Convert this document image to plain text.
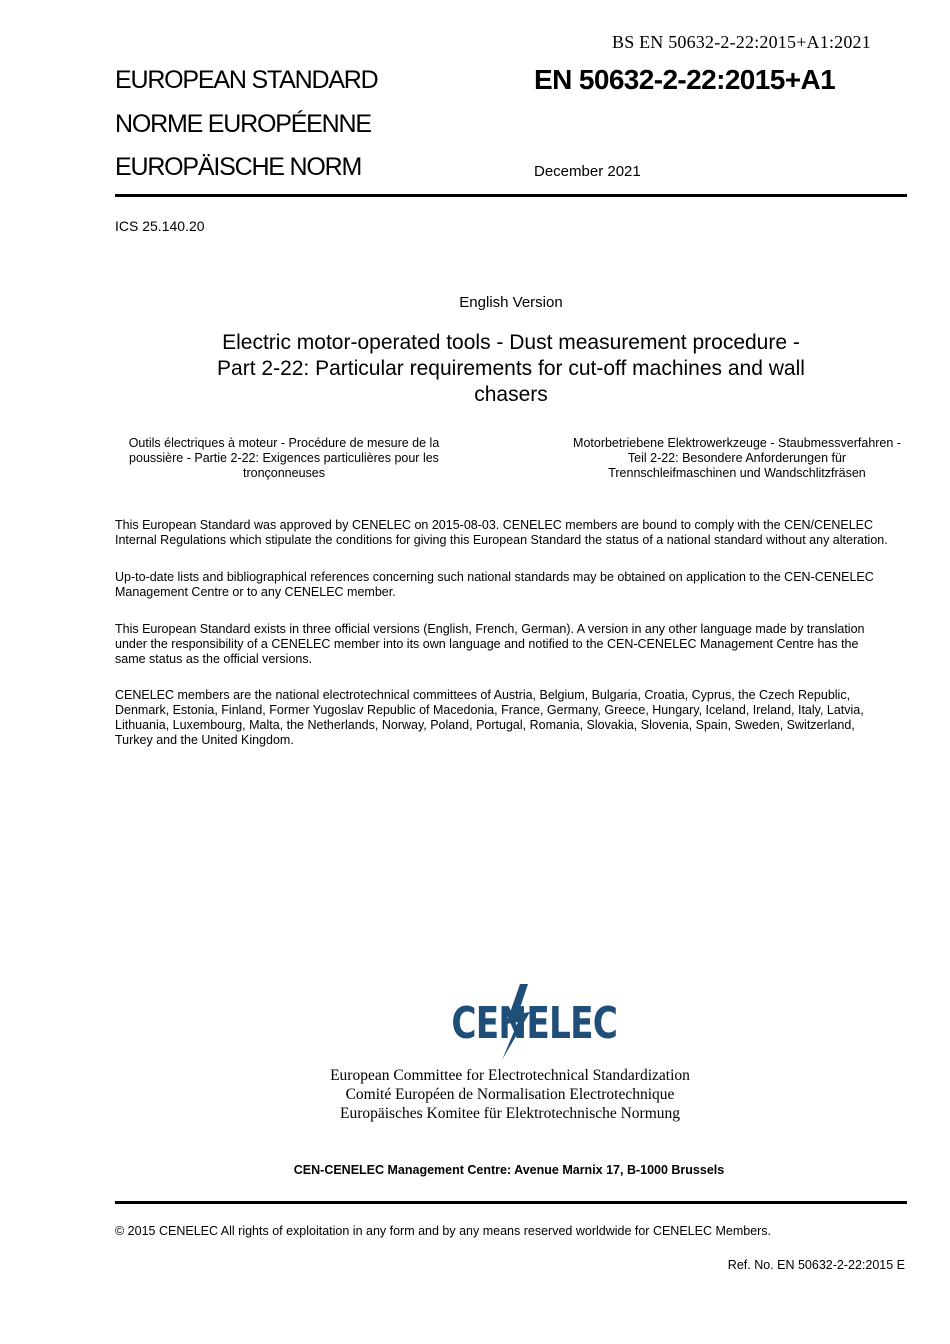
BS EN 50632-2-22:2015+A1:2021
EUROPEAN STANDARD
NORME EUROPÉENNE
EUROPÄISCHE NORM
EN 50632-2-22:2015+A1
December 2021
ICS 25.140.20
English Version
Electric motor-operated tools - Dust measurement procedure -
Part 2-22: Particular requirements for cut-off machines and wall
chasers
Outils électriques à moteur - Procédure de mesure de la
poussière - Partie 2-22: Exigences particulières pour les
tronçonneuses
Motorbetriebene Elektrowerkzeuge - Staubmessverfahren -
Teil 2-22: Besondere Anforderungen für
Trennschleifmaschinen und Wandschlitzfräsen
This European Standard was approved by CENELEC on 2015-08-03. CENELEC members are bound to comply with the CEN/CENELEC
Internal Regulations which stipulate the conditions for giving this European Standard the status of a national standard without any alteration.
Up-to-date lists and bibliographical references concerning such national standards may be obtained on application to the CEN-CENELEC
Management Centre or to any CENELEC member.
This European Standard exists in three official versions (English, French, German). A version in any other language made by translation
under the responsibility of a CENELEC member into its own language and notified to the CEN-CENELEC Management Centre has the
same status as the official versions.
CENELEC members are the national electrotechnical committees of Austria, Belgium, Bulgaria, Croatia, Cyprus, the Czech Republic,
Denmark, Estonia, Finland, Former Yugoslav Republic of Macedonia, France, Germany, Greece, Hungary, Iceland, Ireland, Italy, Latvia,
Lithuania, Luxembourg, Malta, the Netherlands, Norway, Poland, Portugal, Romania, Slovakia, Slovenia, Spain, Sweden, Switzerland,
Turkey and the United Kingdom.
CENELEC
European Committee for Electrotechnical Standardization
Comité Européen de Normalisation Electrotechnique
Europäisches Komitee für Elektrotechnische Normung
CEN-CENELEC Management Centre: Avenue Marnix 17, B-1000 Brussels
© 2015 CENELEC All rights of exploitation in any form and by any means reserved worldwide for CENELEC Members.
Ref. No. EN 50632-2-22:2015 E
